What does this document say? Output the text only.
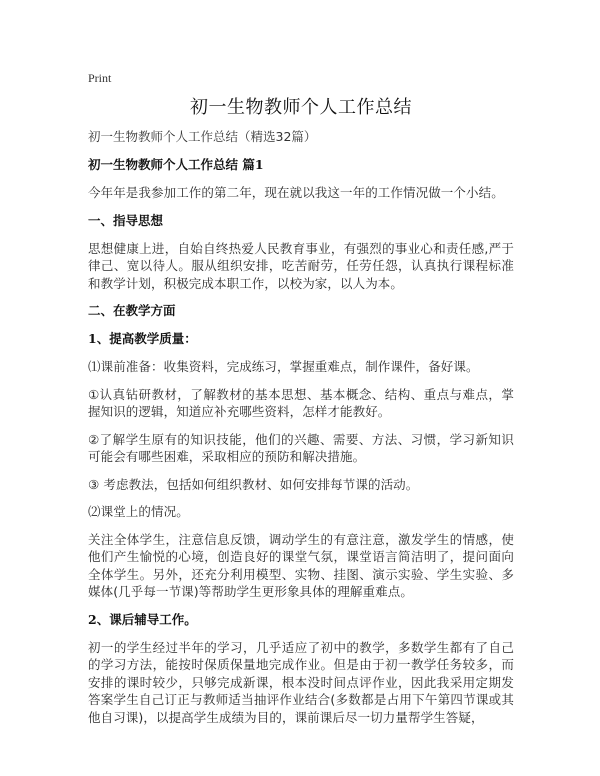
Print
初一生物教师个人工作总结

初一生物教师个人工作总结（精选32篇）

初一生物教师个人工作总结 篇1

今年年是我参加工作的第二年，现在就以我这一年的工作情况做一个小结。

一、指导思想

思想健康上进，自始自终热爱人民教育事业，有强烈的事业心和责任感,严于律己、宽以待人。服从组织安排，吃苦耐劳，任劳任怨，认真执行课程标准和教学计划，积极完成本职工作，以校为家，以人为本。

二、在教学方面

1、提高教学质量：

⑴课前准备：收集资料，完成练习，掌握重难点，制作课件，备好课。

①认真钻研教材，了解教材的基本思想、基本概念、结构、重点与难点，掌握知识的逻辑，知道应补充哪些资料，怎样才能教好。

②了解学生原有的知识技能，他们的兴趣、需要、方法、习惯，学习新知识可能会有哪些困难，采取相应的预防和解决措施。

③ 考虑教法，包括如何组织教材、如何安排每节课的活动。

⑵课堂上的情况。

关注全体学生，注意信息反馈，调动学生的有意注意，激发学生的情感，使他们产生愉悦的心境，创造良好的课堂气氛，课堂语言简洁明了，提问面向全体学生。另外，还充分利用模型、实物、挂图、演示实验、学生实验、多媒体(几乎每一节课)等帮助学生更形象具体的理解重难点。

2、课后辅导工作。

初一的学生经过半年的学习，几乎适应了初中的教学，多数学生都有了自己的学习方法，能按时保质保量地完成作业。但是由于初一教学任务较多，而安排的课时较少，只够完成新课，根本没时间点评作业，因此我采用定期发答案学生自己订正与教师适当抽评作业结合(多数都是占用下午第四节课或其他自习课)，以提高学生成绩为目的，课前课后尽一切力量帮学生答疑，
